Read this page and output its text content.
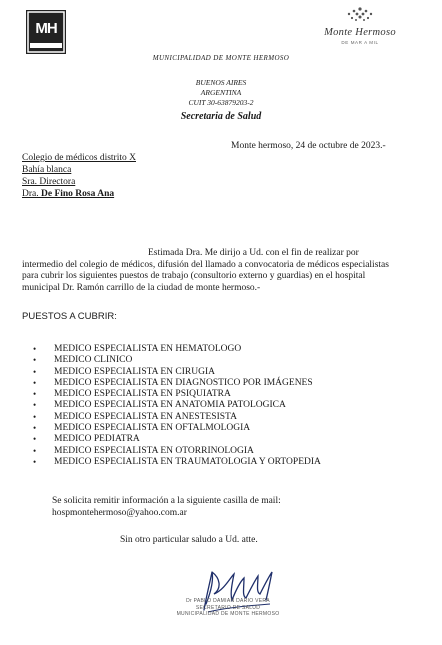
MH	Monte Hermoso
DE MAR A MIL
MUNICIPALIDAD DE MONTE HERMOSO
BUENOS AIRES
ARGENTINA
CUIT 30-63879203-2
Secretaria de Salud
Monte hermoso, 24 de octubre de 2023.-
Colegio de médicos distrito X
Bahía blanca
Sra. Directora
Dra. De Fino Rosa Ana
Estimada Dra. Me dirijo a Ud. con el fin de realizar por intermedio del colegio de médicos, difusión del llamado a convocatoria de médicos especialistas para cubrir los siguientes puestos de trabajo (consultorio externo y guardias) en el hospital municipal Dr. Ramón carrillo de la ciudad de monte hermoso.-
PUESTOS A CUBRIR:
• MEDICO ESPECIALISTA EN HEMATOLOGO
• MEDICO CLINICO
• MEDICO ESPECIALISTA EN CIRUGIA
• MEDICO ESPECIALISTA EN DIAGNOSTICO POR IMÁGENES
• MEDICO ESPECIALISTA EN PSIQUIATRA
• MEDICO ESPECIALISTA EN ANATOMIA PATOLOGICA
• MEDICO ESPECIALISTA EN ANESTESISTA
• MEDICO ESPECIALISTA EN OFTALMOLOGIA
• MEDICO PEDIATRA
• MEDICO ESPECIALISTA EN OTORRINOLOGIA
• MEDICO ESPECIALISTA EN TRAUMATOLOGIA Y ORTOPEDIA
Se solicita remitir información a la siguiente casilla de mail:
hospmontehermoso@yahoo.com.ar
Sin otro particular saludo a Ud. atte.
Dr PABLO DAMIAN DARIO VERA
SECRETARIO DE SALUD
MUNICIPALIDAD DE MONTE HERMOSO
